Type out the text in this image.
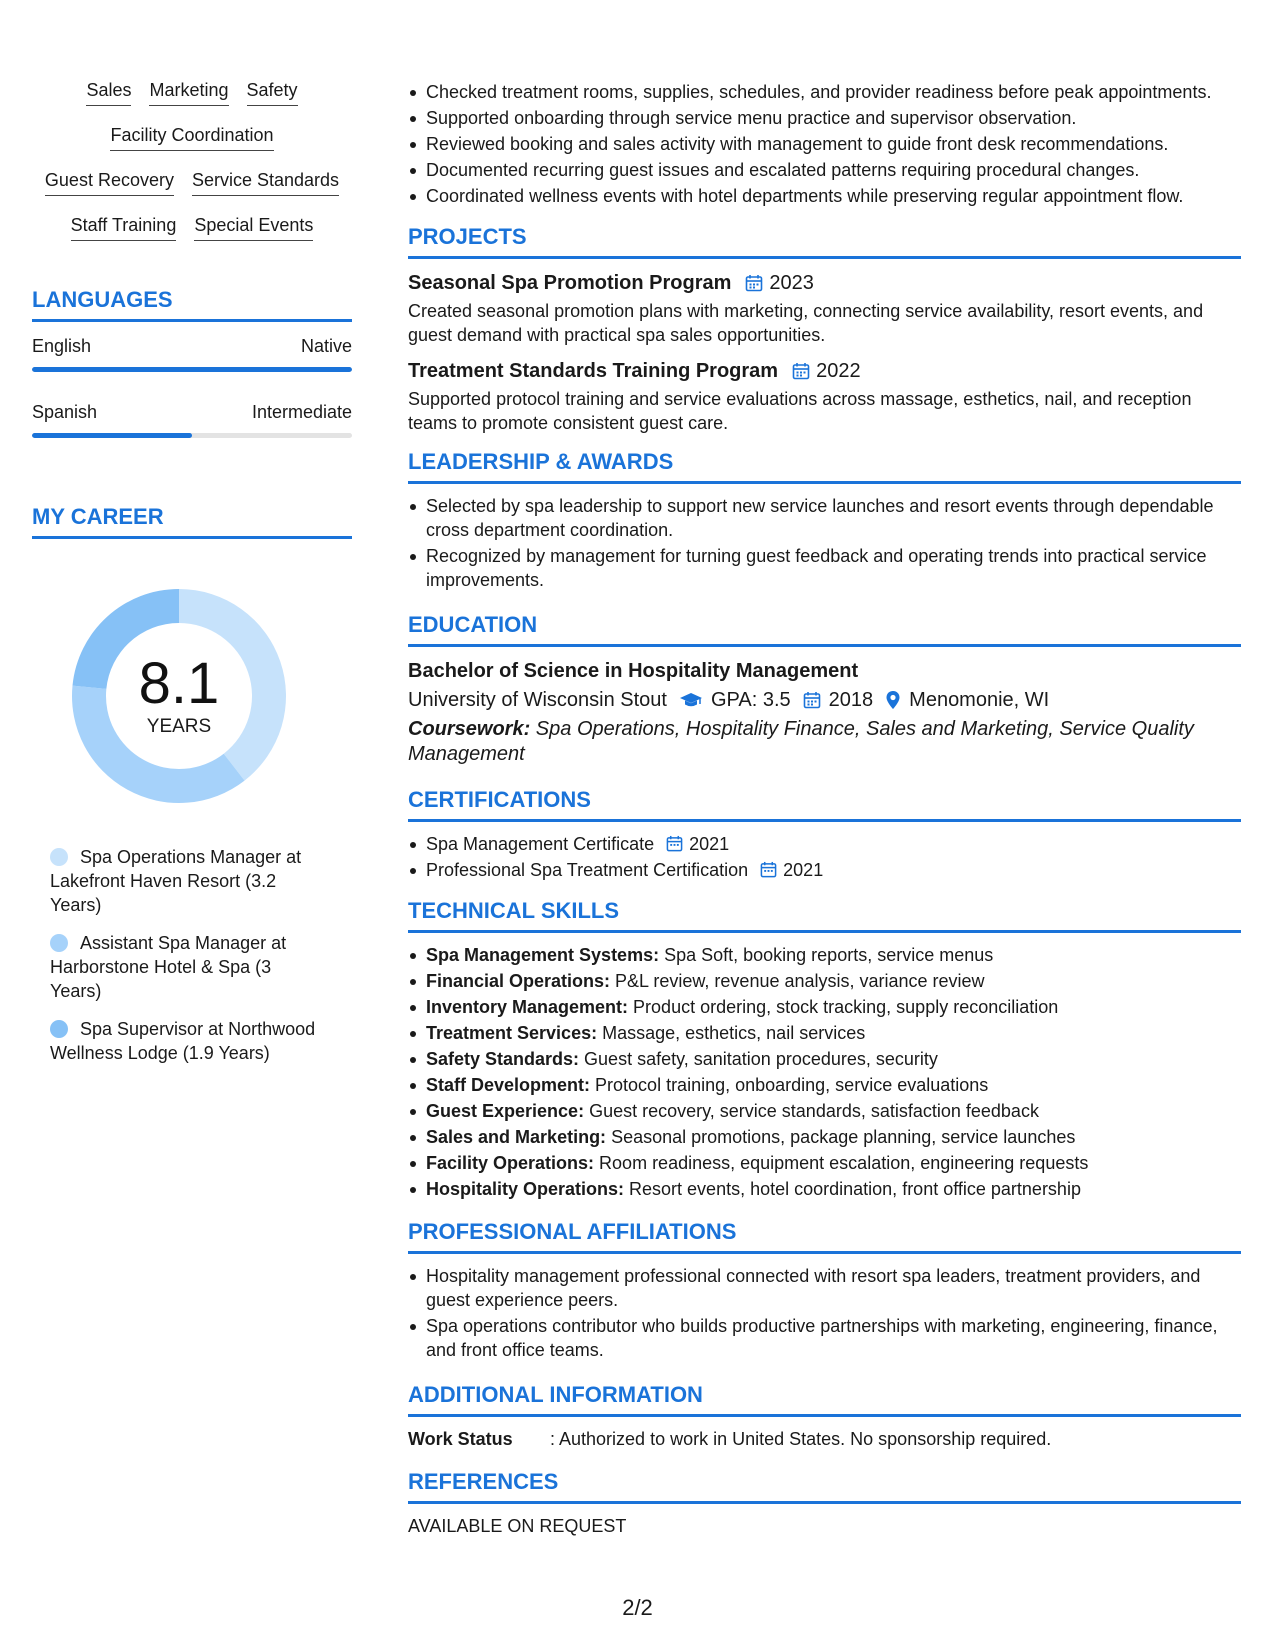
Sales Marketing Safety
Facility Coordination
Guest Recovery Service Standards
Staff Training Special Events
LANGUAGES
English	Native
Spanish	Intermediate
MY CAREER
8.1
YEARS
Spa Operations Manager at Lakefront Haven Resort (3.2 Years)
Assistant Spa Manager at Harborstone Hotel & Spa (3 Years)
Spa Supervisor at Northwood Wellness Lodge (1.9 Years)
Checked treatment rooms, supplies, schedules, and provider readiness before peak appointments.
Supported onboarding through service menu practice and supervisor observation.
Reviewed booking and sales activity with management to guide front desk recommendations.
Documented recurring guest issues and escalated patterns requiring procedural changes.
Coordinated wellness events with hotel departments while preserving regular appointment flow.
PROJECTS
Seasonal Spa Promotion Program 2023
Created seasonal promotion plans with marketing, connecting service availability, resort events, and guest demand with practical spa sales opportunities.
Treatment Standards Training Program 2022
Supported protocol training and service evaluations across massage, esthetics, nail, and reception teams to promote consistent guest care.
LEADERSHIP & AWARDS
Selected by spa leadership to support new service launches and resort events through dependable cross department coordination.
Recognized by management for turning guest feedback and operating trends into practical service improvements.
EDUCATION
Bachelor of Science in Hospitality Management
University of Wisconsin Stout GPA: 3.5 2018 Menomonie, WI
Coursework: Spa Operations, Hospitality Finance, Sales and Marketing, Service Quality Management
CERTIFICATIONS
Spa Management Certificate 2021
Professional Spa Treatment Certification 2021
TECHNICAL SKILLS
Spa Management Systems: Spa Soft, booking reports, service menus
Financial Operations: P&L review, revenue analysis, variance review
Inventory Management: Product ordering, stock tracking, supply reconciliation
Treatment Services: Massage, esthetics, nail services
Safety Standards: Guest safety, sanitation procedures, security
Staff Development: Protocol training, onboarding, service evaluations
Guest Experience: Guest recovery, service standards, satisfaction feedback
Sales and Marketing: Seasonal promotions, package planning, service launches
Facility Operations: Room readiness, equipment escalation, engineering requests
Hospitality Operations: Resort events, hotel coordination, front office partnership
PROFESSIONAL AFFILIATIONS
Hospitality management professional connected with resort spa leaders, treatment providers, and guest experience peers.
Spa operations contributor who builds productive partnerships with marketing, engineering, finance, and front office teams.
ADDITIONAL INFORMATION
Work Status	: Authorized to work in United States. No sponsorship required.
REFERENCES
AVAILABLE ON REQUEST
2/2
